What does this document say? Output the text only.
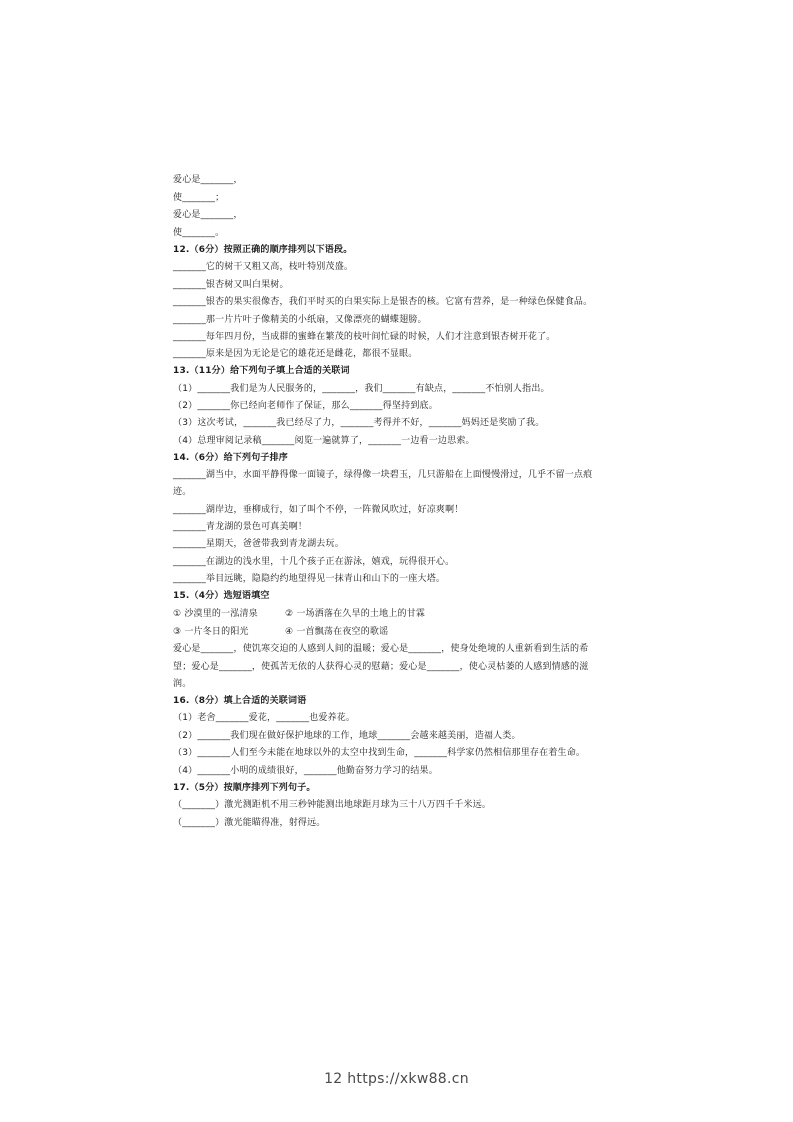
爱心是_______，
使_______；
爱心是_______，
使_______。
12.（6分）按照正确的顺序排列以下语段。
_______它的树干又粗又高，枝叶特别茂盛。
_______银杏树又叫白果树。
_______银杏的果实很像杏，我们平时买的白果实际上是银杏的核。它富有营养，是一种绿色保健食品。
_______那一片片叶子像精美的小纸扇，又像漂亮的蝴蝶翅膀。
_______每年四月份，当成群的蜜蜂在繁茂的枝叶间忙碌的时候，人们才注意到银杏树开花了。
_______原来是因为无论是它的雄花还是雌花，都很不显眼。
13.（11分）给下列句子填上合适的关联词
（1）_______我们是为人民服务的，_______，我们_______有缺点，_______不怕别人指出。
（2）_______你已经向老师作了保证，那么_______得坚持到底。
（3）这次考试，_______我已经尽了力，_______考得并不好，_______妈妈还是奖励了我。
（4）总理审阅记录稿_______阅览一遍就算了，_______一边看一边思索。
14.（6分）给下列句子排序
_______湖当中，水面平静得像一面镜子，绿得像一块碧玉，几只游船在上面慢慢滑过，几乎不留一点痕
迹。
_______湖岸边，垂柳成行，如了叫个不停，一阵微风吹过，好凉爽啊！
_______青龙湖的景色可真美啊！
_______星期天，爸爸带我到青龙湖去玩。
_______在湖边的浅水里，十几个孩子正在游泳，嬉戏，玩得很开心。
_______举目远眺，隐隐约约地望得见一抹青山和山下的一座大塔。
15.（4分）选短语填空
① 沙漠里的一泓清泉	② 一场洒落在久旱的土地上的甘霖
③ 一片冬日的阳光	④ 一首飘荡在夜空的歌谣
爱心是_______，使饥寒交迫的人感到人间的温暖；爱心是_______，使身处绝境的人重新看到生活的希
望；爱心是_______，使孤苦无依的人获得心灵的慰藉；爱心是_______，使心灵枯萎的人感到情感的滋
润。
16.（8分）填上合适的关联词语
（1）老舍_______爱花，_______也爱养花。
（2）_______我们现在做好保护地球的工作，地球_______会越来越美丽，造福人类。
（3）_______人们至今未能在地球以外的太空中找到生命，_______科学家仍然相信那里存在着生命。
（4）_______小明的成绩很好，_______他勤奋努力学习的结果。
17.（5分）按顺序排列下列句子。
（_______）激光测距机不用三秒钟能测出地球距月球为三十八万四千千米远。
（_______）激光能瞄得准，射得远。
12 https://xkw88.cn
